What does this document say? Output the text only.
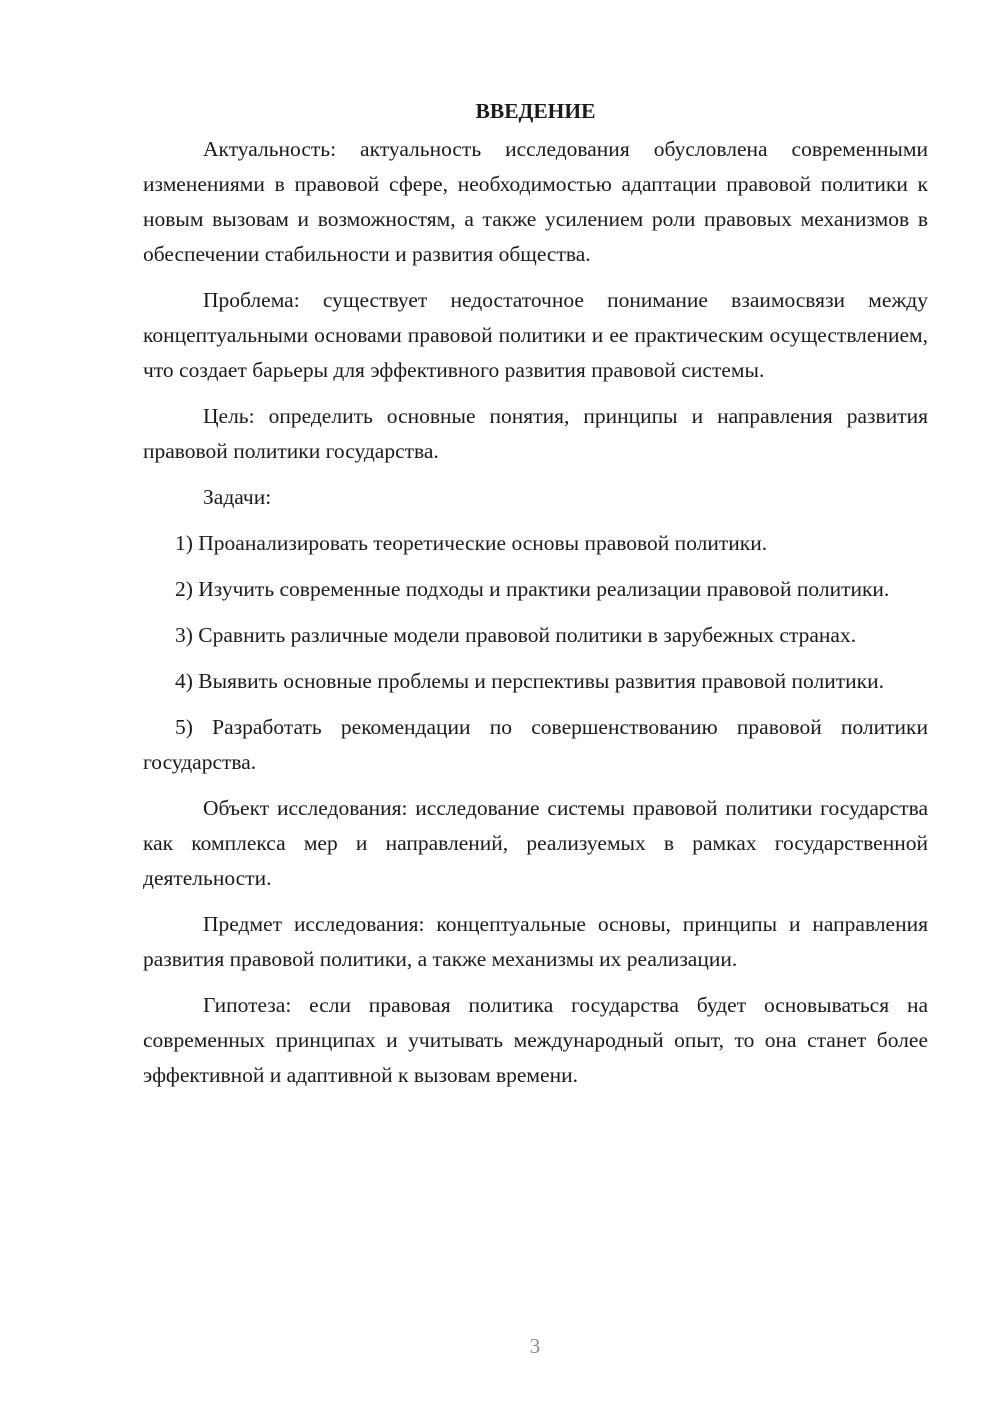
ВВЕДЕНИЕ

Актуальность: актуальность исследования обусловлена современными изменениями в правовой сфере, необходимостью адаптации правовой политики к новым вызовам и возможностям, а также усилением роли правовых механизмов в обеспечении стабильности и развития общества.

Проблема: существует недостаточное понимание взаимосвязи между концептуальными основами правовой политики и ее практическим осуществлением, что создает барьеры для эффективного развития правовой системы.

Цель: определить основные понятия, принципы и направления развития правовой политики государства.

Задачи:

1) Проанализировать теоретические основы правовой политики.

2) Изучить современные подходы и практики реализации правовой политики.

3) Сравнить различные модели правовой политики в зарубежных странах.

4) Выявить основные проблемы и перспективы развития правовой политики.

5) Разработать рекомендации по совершенствованию правовой политики государства.

Объект исследования: исследование системы правовой политики государства как комплекса мер и направлений, реализуемых в рамках государственной деятельности.

Предмет исследования: концептуальные основы, принципы и направления развития правовой политики, а также механизмы их реализации.

Гипотеза: если правовая политика государства будет основываться на современных принципах и учитывать международный опыт, то она станет более эффективной и адаптивной к вызовам времени.

3
